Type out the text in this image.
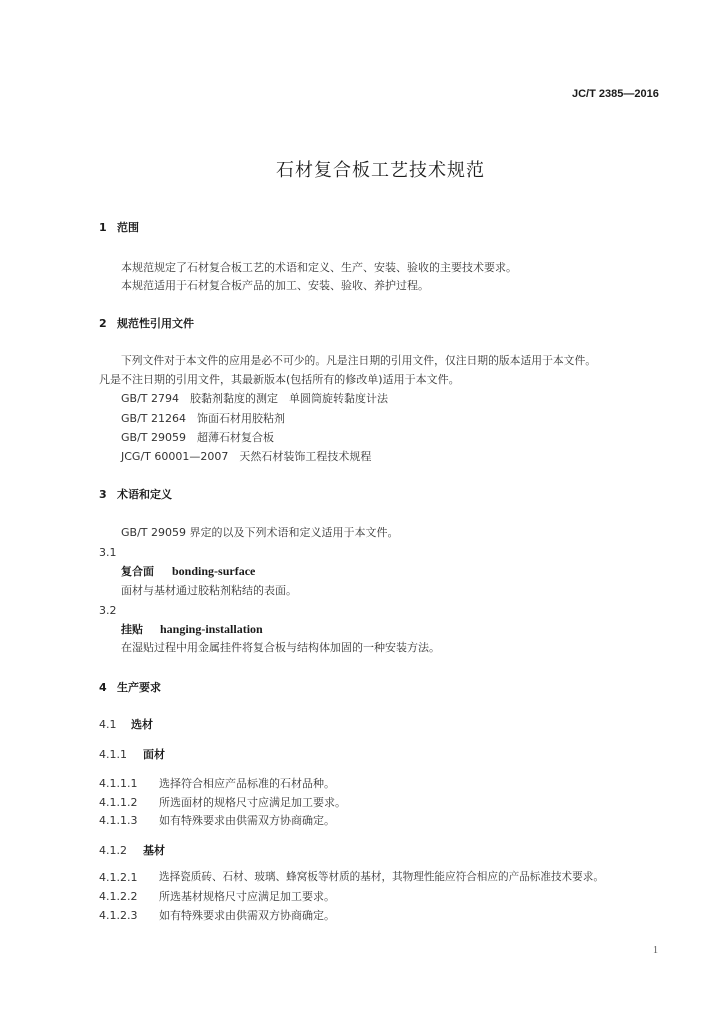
JC/T 2385—2016
石材复合板工艺技术规范
1 范围
本规范规定了石材复合板工艺的术语和定义、生产、安装、验收的主要技术要求。
本规范适用于石材复合板产品的加工、安装、验收、养护过程。
2 规范性引用文件
下列文件对于本文件的应用是必不可少的。凡是注日期的引用文件，仅注日期的版本适用于本文件。
凡是不注日期的引用文件，其最新版本(包括所有的修改单)适用于本文件。
GB/T 2794　胶黏剂黏度的测定　单圆筒旋转黏度计法
GB/T 21264　饰面石材用胶粘剂
GB/T 29059　超薄石材复合板
JCG/T 60001—2007　天然石材装饰工程技术规程
3 术语和定义
GB/T 29059 界定的以及下列术语和定义适用于本文件。
3.1
复合面 bonding-surface
面材与基材通过胶粘剂粘结的表面。
3.2
挂贴 hanging-installation
在湿贴过程中用金属挂件将复合板与结构体加固的一种安装方法。
4 生产要求
4.1 选材
4.1.1 面材
4.1.1.1 选择符合相应产品标准的石材品种。
4.1.1.2 所选面材的规格尺寸应满足加工要求。
4.1.1.3 如有特殊要求由供需双方协商确定。
4.1.2 基材
4.1.2.1 选择瓷质砖、石材、玻璃、蜂窝板等材质的基材，其物理性能应符合相应的产品标准技术要求。
4.1.2.2 所选基材规格尺寸应满足加工要求。
4.1.2.3 如有特殊要求由供需双方协商确定。
1
